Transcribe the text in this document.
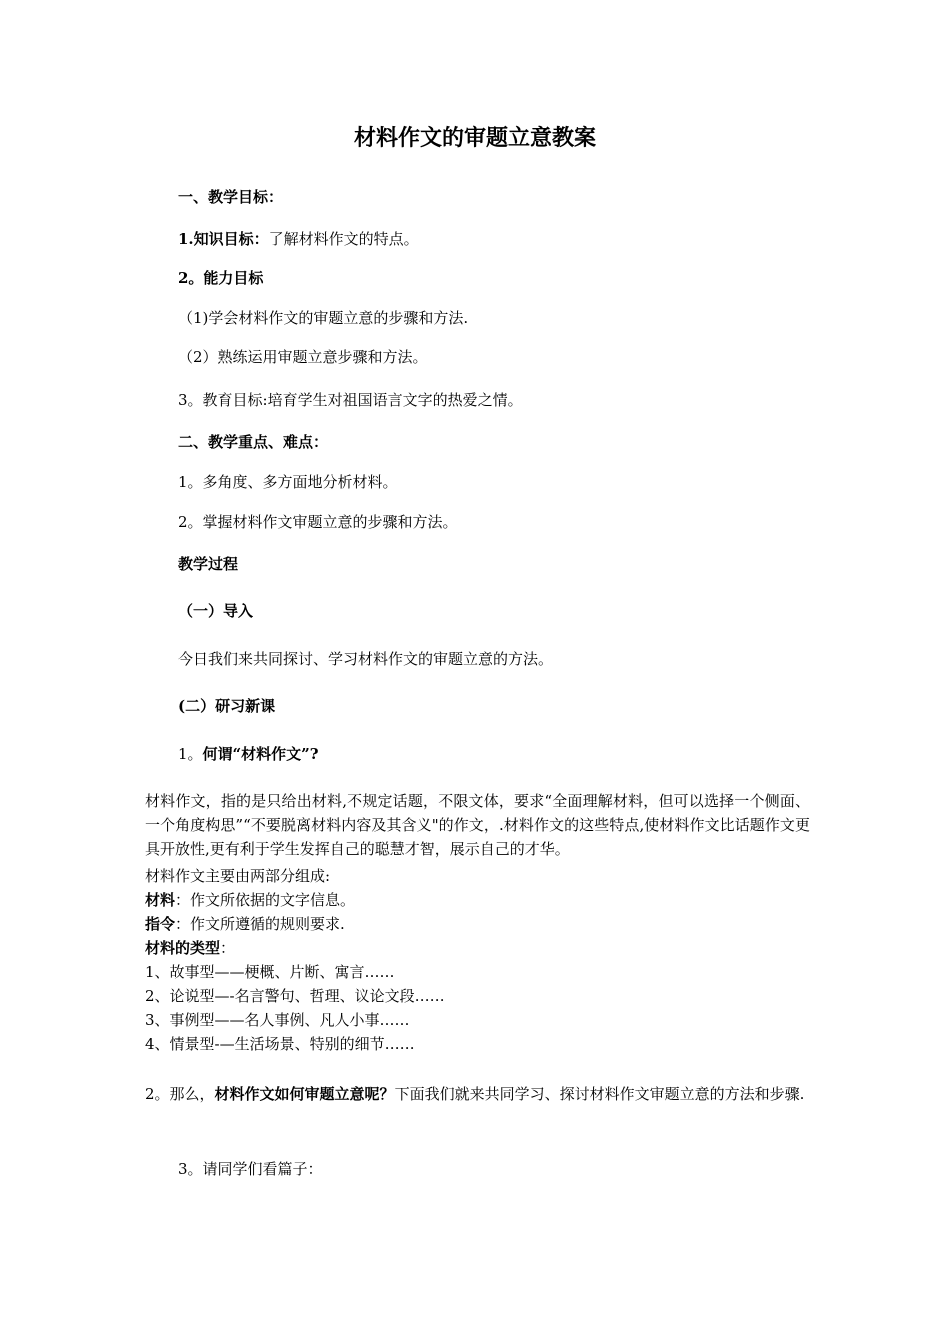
材料作文的审题立意教案
一、教学目标：
1.知识目标：了解材料作文的特点。
2。能力目标
（1)学会材料作文的审题立意的步骤和方法.
（2）熟练运用审题立意步骤和方法。
3。教育目标:培育学生对祖国语言文字的热爱之情。
二、教学重点、难点：
1。多角度、多方面地分析材料。
2。掌握材料作文审题立意的步骤和方法。
教学过程
（一）导入
今日我们来共同探讨、学习材料作文的审题立意的方法。
(二）研习新课
1。何谓“材料作文”?
材料作文，指的是只给出材料,不规定话题，不限文体，要求“全面理解材料，但可以选择一个侧面、一个角度构思”“不要脱离材料内容及其含义"的作文，.材料作文的这些特点,使材料作文比话题作文更具开放性,更有利于学生发挥自己的聪慧才智，展示自己的才华。
材料作文主要由两部分组成:
材料：作文所依据的文字信息。
指令：作文所遵循的规则要求.
材料的类型：
1、故事型——梗概、片断、寓言……
2、论说型—-名言警句、哲理、议论文段……
3、事例型——名人事例、凡人小事……
4、情景型-—生活场景、特别的细节……
2。那么，材料作文如何审题立意呢？下面我们就来共同学习、探讨材料作文审题立意的方法和步骤.
3。请同学们看篇子：
